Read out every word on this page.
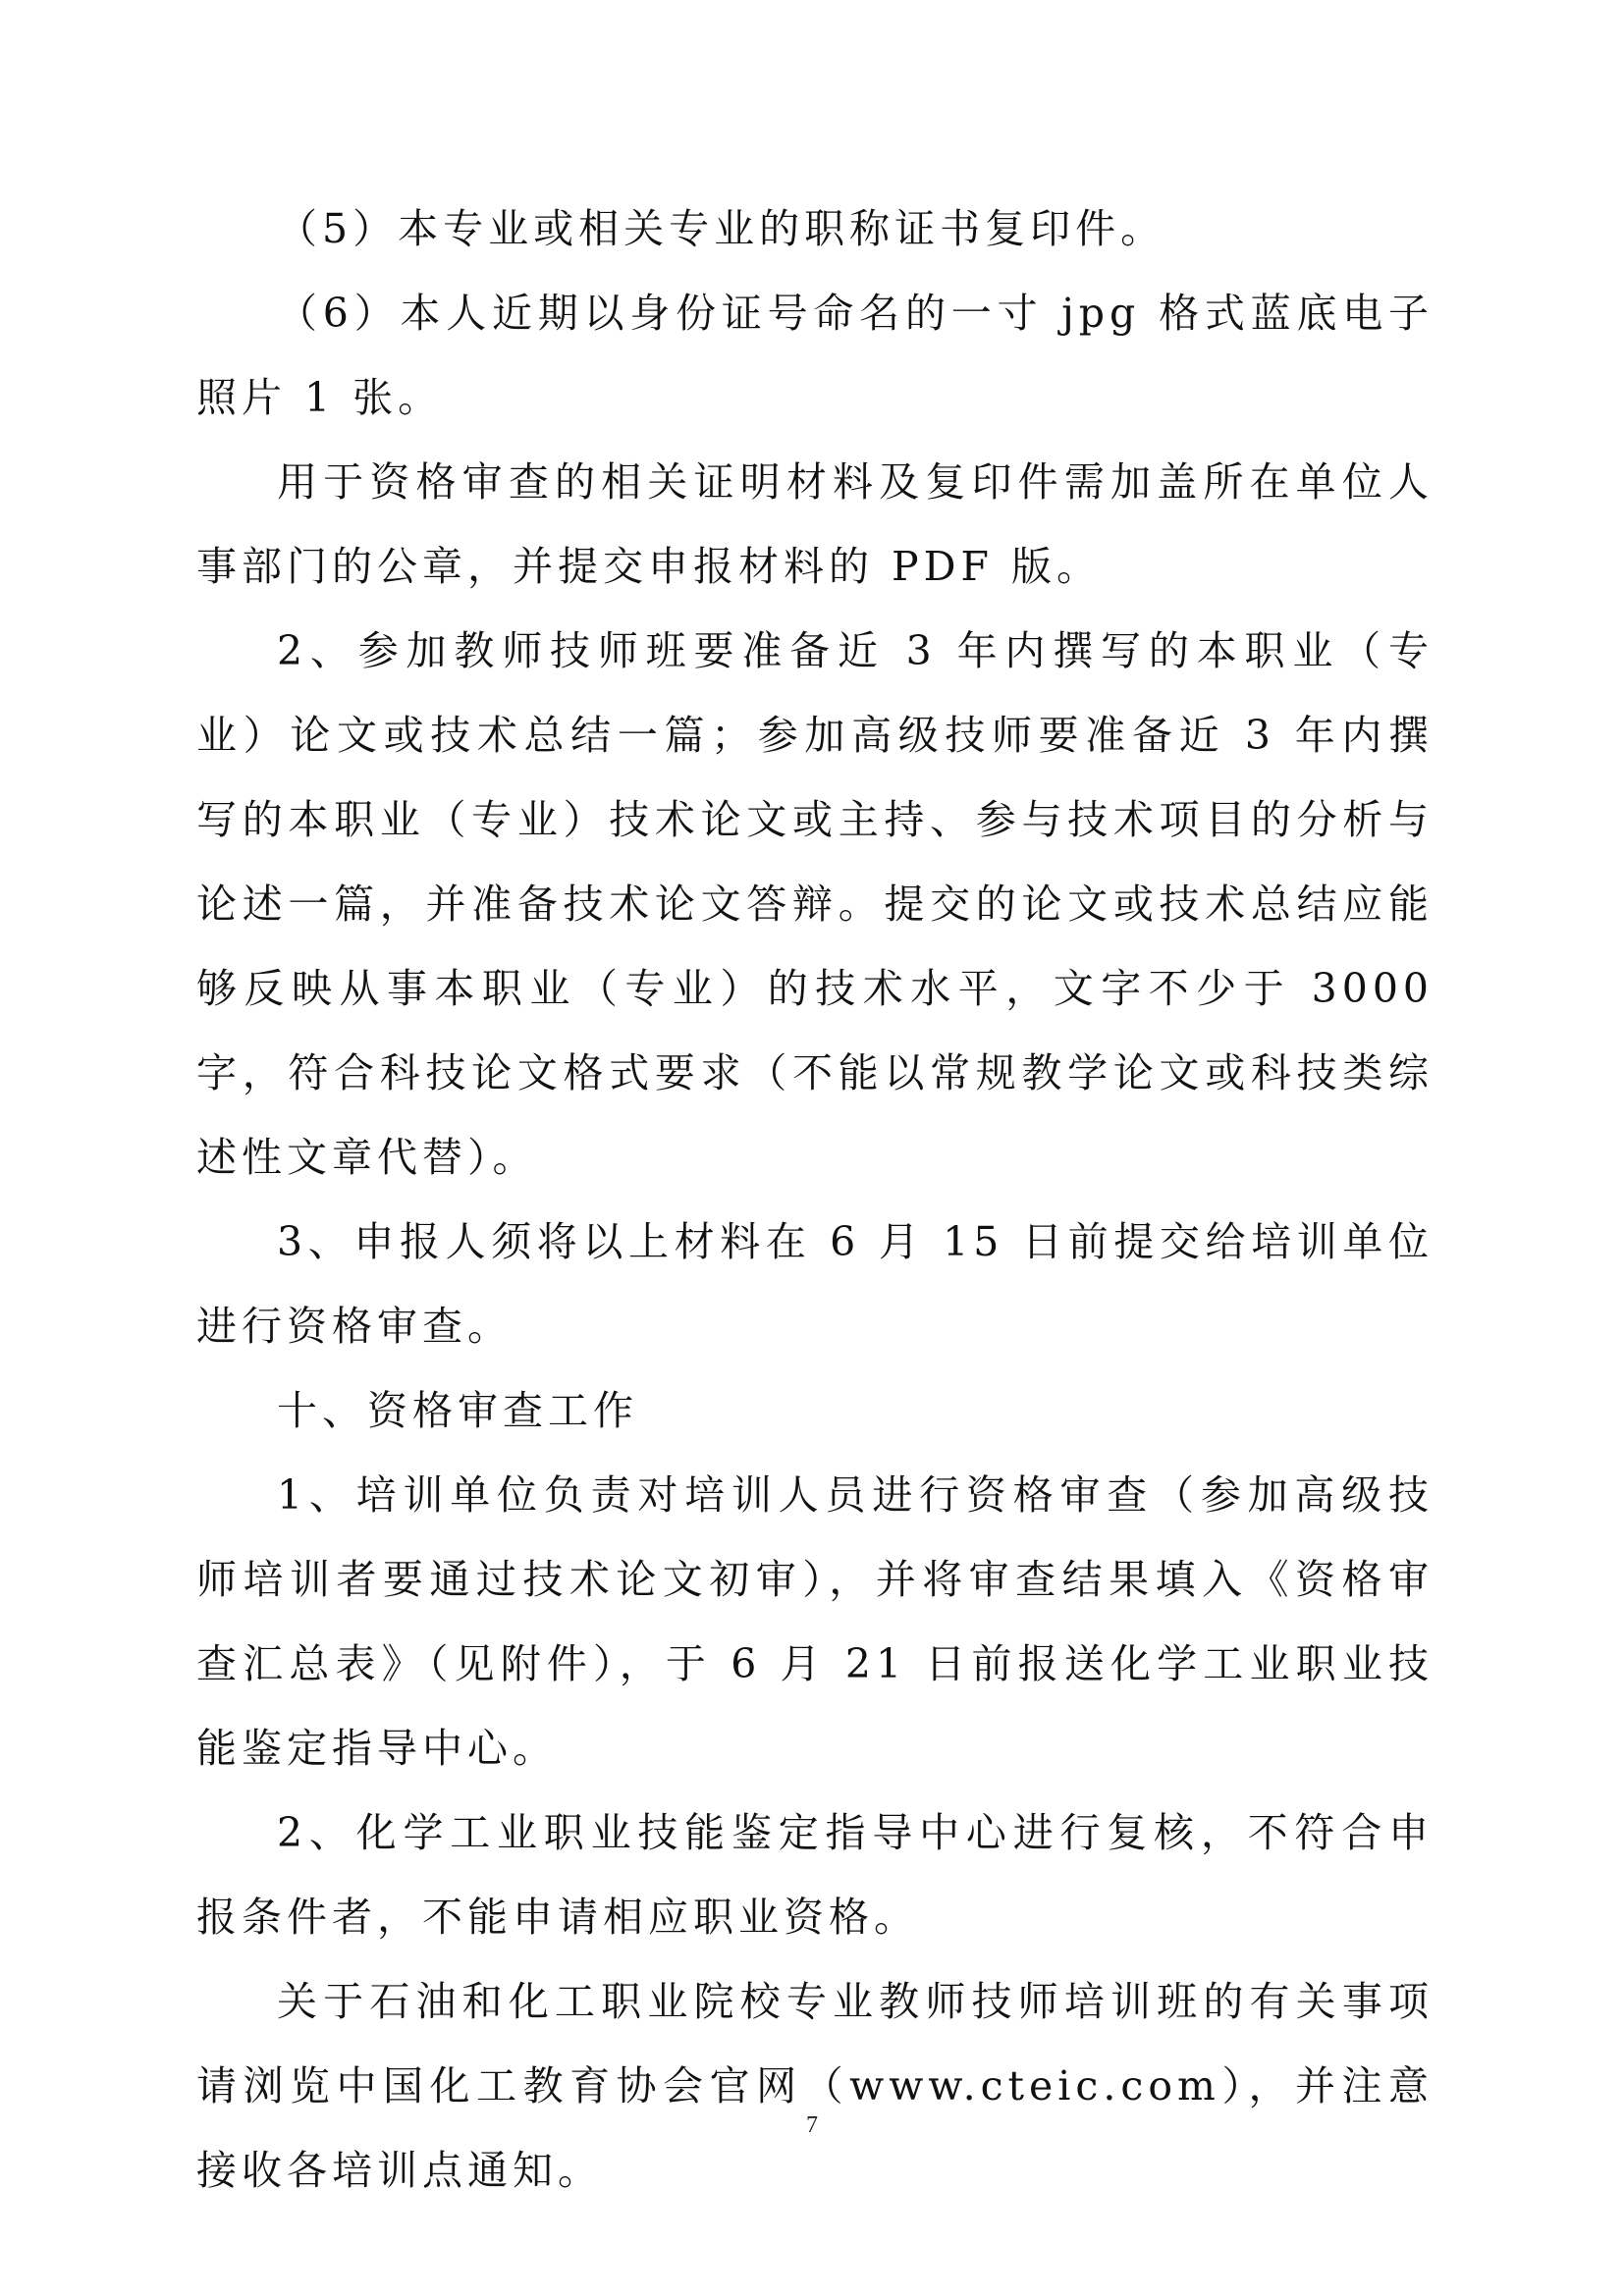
（5）本专业或相关专业的职称证书复印件。

（6）本人近期以身份证号命名的一寸 jpg 格式蓝底电子照片 1 张。

用于资格审查的相关证明材料及复印件需加盖所在单位人事部门的公章，并提交申报材料的 PDF 版。

2、参加教师技师班要准备近 3 年内撰写的本职业（专业）论文或技术总结一篇；参加高级技师要准备近 3 年内撰写的本职业（专业）技术论文或主持、参与技术项目的分析与论述一篇，并准备技术论文答辩。提交的论文或技术总结应能够反映从事本职业（专业）的技术水平，文字不少于 3000 字，符合科技论文格式要求（不能以常规教学论文或科技类综述性文章代替）。

3、申报人须将以上材料在 6 月 15 日前提交给培训单位进行资格审查。

十、资格审查工作

1、培训单位负责对培训人员进行资格审查（参加高级技师培训者要通过技术论文初审），并将审查结果填入《资格审查汇总表》（见附件），于 6 月 21 日前报送化学工业职业技能鉴定指导中心。

2、化学工业职业技能鉴定指导中心进行复核，不符合申报条件者，不能申请相应职业资格。

关于石油和化工职业院校专业教师技师培训班的有关事项请浏览中国化工教育协会官网（www.cteic.com），并注意接收各培训点通知。

7
